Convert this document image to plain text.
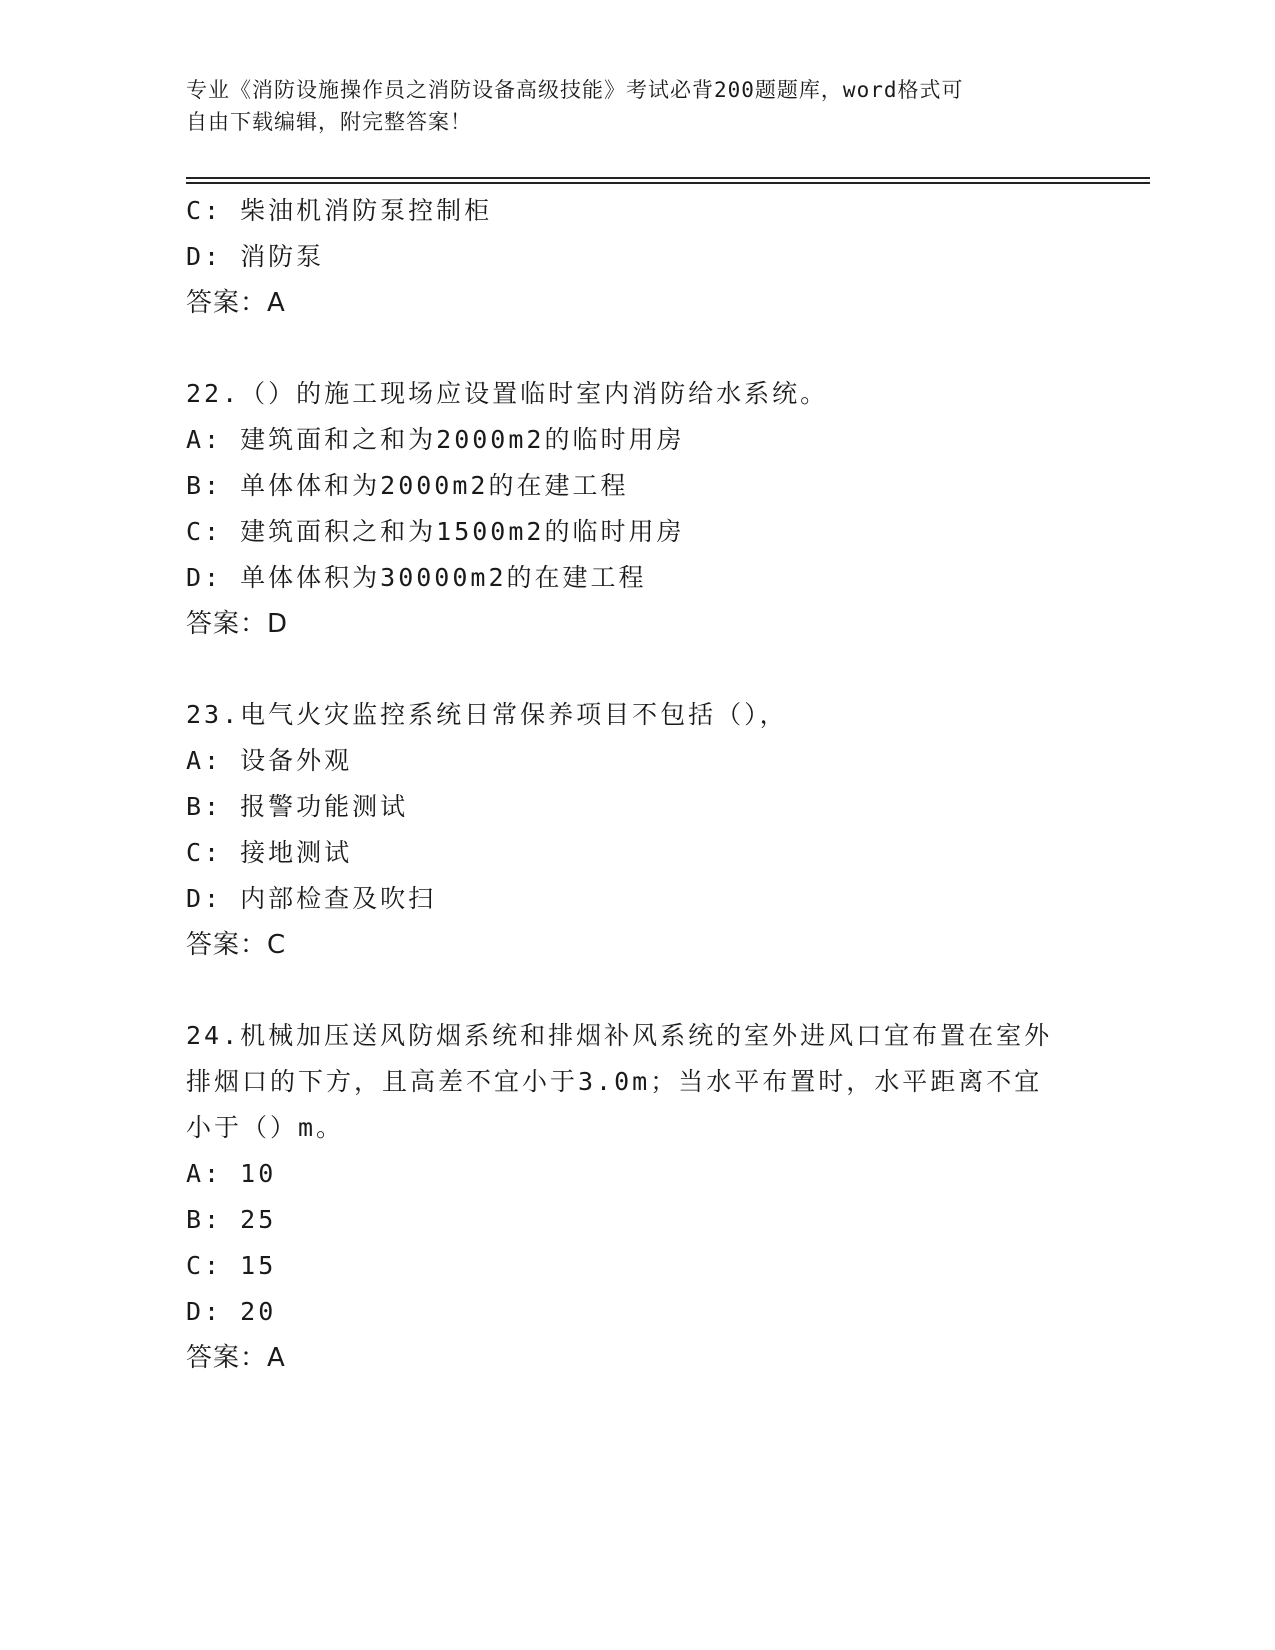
专业《消防设施操作员之消防设备高级技能》考试必背200题题库，word格式可
自由下载编辑，附完整答案！
C: 柴油机消防泵控制柜
D: 消防泵
答案：A
22.（）的施工现场应设置临时室内消防给水系统。
A: 建筑面和之和为2000m2的临时用房
B: 单体体和为2000m2的在建工程
C: 建筑面积之和为1500m2的临时用房
D: 单体体积为30000m2的在建工程
答案：D
23.电气火灾监控系统日常保养项目不包括（），
A: 设备外观
B: 报警功能测试
C: 接地测试
D: 内部检查及吹扫
答案：C
24.机械加压送风防烟系统和排烟补风系统的室外进风口宜布置在室外
排烟口的下方，且高差不宜小于3.0m；当水平布置时，水平距离不宜
小于（）m。
A: 10
B: 25
C: 15
D: 20
答案：A
